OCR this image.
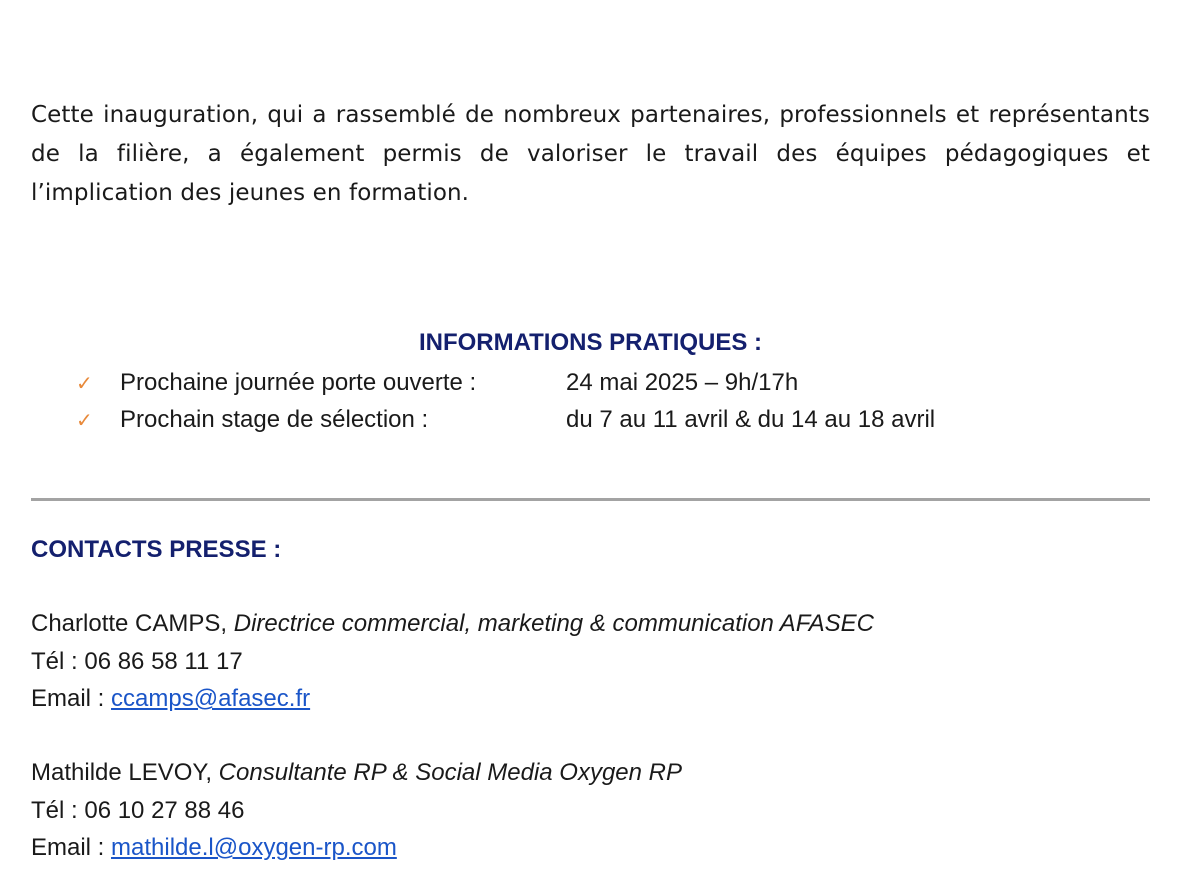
Cette inauguration, qui a rassemblé de nombreux partenaires, professionnels et représentants de la filière, a également permis de valoriser le travail des équipes pédagogiques et l’implication des jeunes en formation.

INFORMATIONS PRATIQUES :
✓ Prochaine journée porte ouverte :	24 mai 2025 – 9h/17h
✓ Prochain stage de sélection :	du 7 au 11 avril & du 14 au 18 avril
CONTACTS PRESSE :
Charlotte CAMPS, Directrice commercial, marketing & communication AFASEC
Tél : 06 86 58 11 17
Email : ccamps@afasec.fr
Mathilde LEVOY, Consultante RP & Social Media Oxygen RP
Tél : 06 10 27 88 46
Email : mathilde.l@oxygen-rp.com
